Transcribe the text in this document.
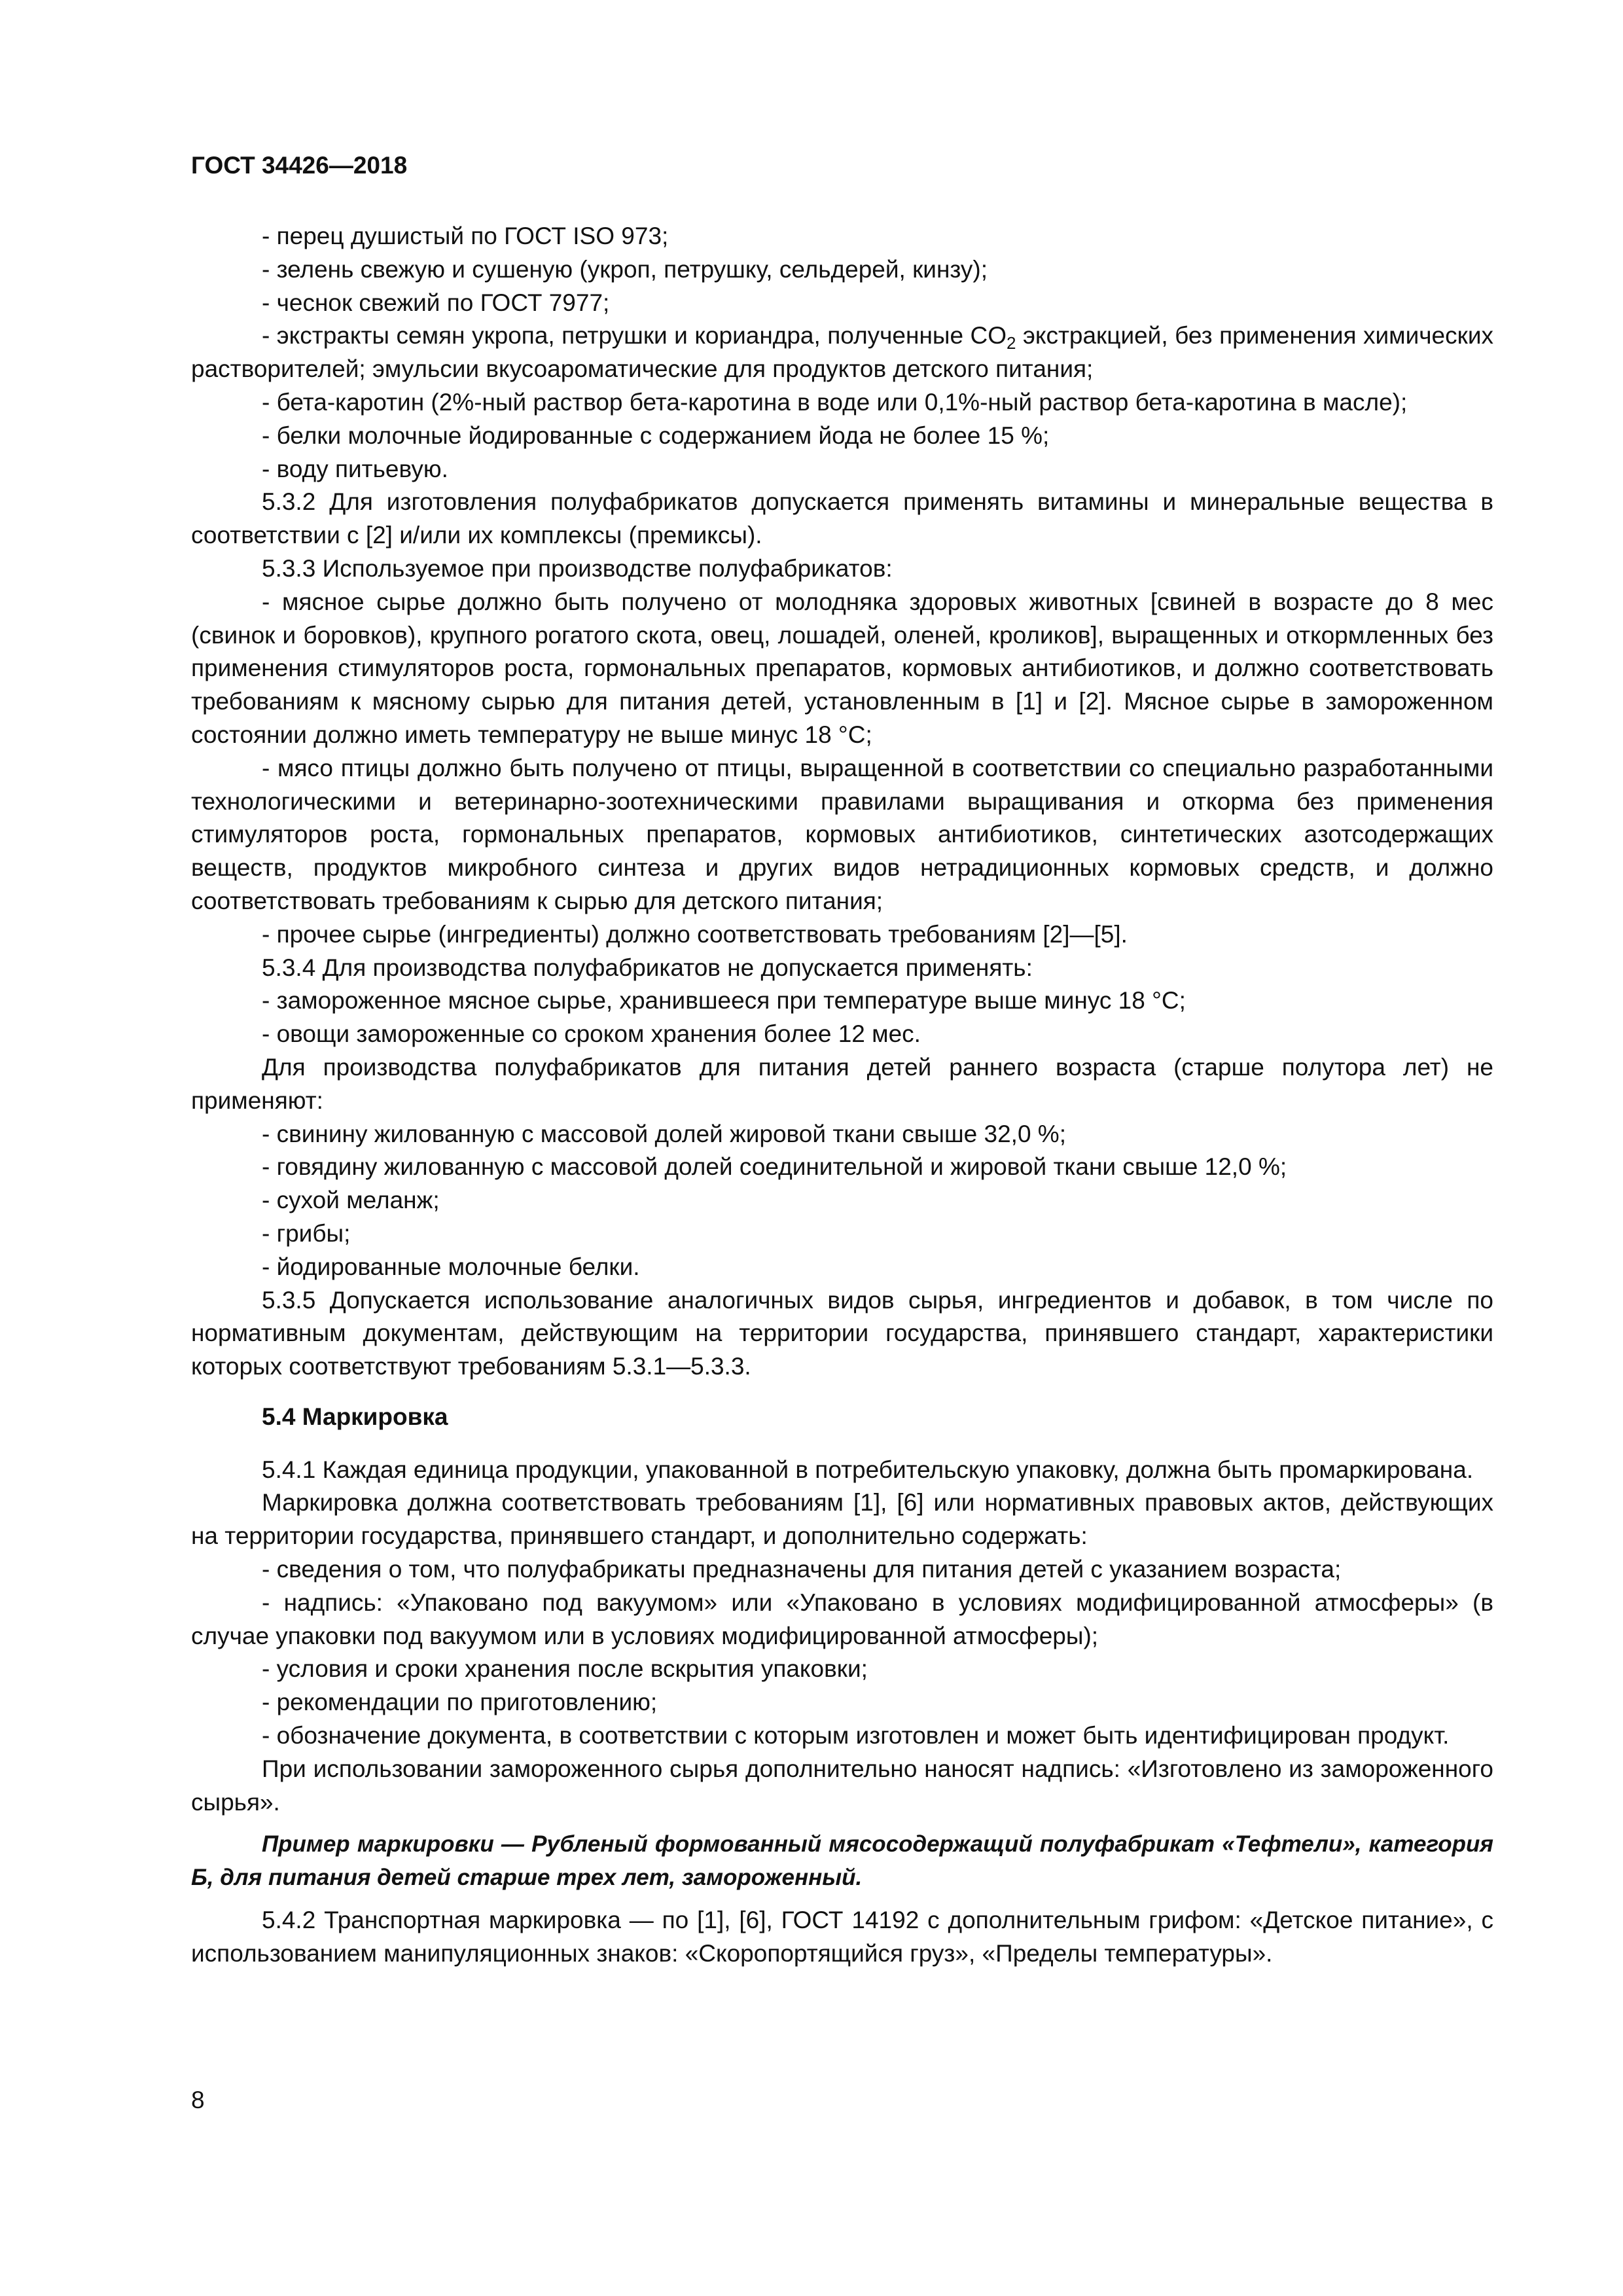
ГОСТ 34426—2018

- перец душистый по ГОСТ ISO 973;

- зелень свежую и сушеную (укроп, петрушку, сельдерей, кинзу);

- чеснок свежий по ГОСТ 7977;

- экстракты семян укропа, петрушки и кориандра, полученные $CO_2$ экстракцией, без применения химических растворителей; эмульсии вкусоароматические для продуктов детского питания;

- бета-каротин (2%-ный раствор бета-каротина в воде или 0,1%-ный раствор бета-каротина в масле);

- белки молочные йодированные с содержанием йода не более 15 %;

- воду питьевую.

5.3.2 Для изготовления полуфабрикатов допускается применять витамины и минеральные вещества в соответствии с [2] и/или их комплексы (премиксы).

5.3.3 Используемое при производстве полуфабрикатов:

- мясное сырье должно быть получено от молодняка здоровых животных [свиней в возрасте до 8 мес (свинок и боровков), крупного рогатого скота, овец, лошадей, оленей, кроликов], выращенных и откормленных без применения стимуляторов роста, гормональных препаратов, кормовых антибиотиков, и должно соответствовать требованиям к мясному сырью для питания детей, установленным в [1] и [2]. Мясное сырье в замороженном состоянии должно иметь температуру не выше минус 18 °С;

- мясо птицы должно быть получено от птицы, выращенной в соответствии со специально разработанными технологическими и ветеринарно-зоотехническими правилами выращивания и откорма без применения стимуляторов роста, гормональных препаратов, кормовых антибиотиков, синтетических азотсодержащих веществ, продуктов микробного синтеза и других видов нетрадиционных кормовых средств, и должно соответствовать требованиям к сырью для детского питания;

- прочее сырье (ингредиенты) должно соответствовать требованиям [2]—[5].

5.3.4 Для производства полуфабрикатов не допускается применять:

- замороженное мясное сырье, хранившееся при температуре выше минус 18 °С;

- овощи замороженные со сроком хранения более 12 мес.

Для производства полуфабрикатов для питания детей раннего возраста (старше полутора лет) не применяют:

- свинину жилованную с массовой долей жировой ткани свыше 32,0 %;

- говядину жилованную с массовой долей соединительной и жировой ткани свыше 12,0 %;

- сухой меланж;

- грибы;

- йодированные молочные белки.

5.3.5 Допускается использование аналогичных видов сырья, ингредиентов и добавок, в том числе по нормативным документам, действующим на территории государства, принявшего стандарт, характеристики которых соответствуют требованиям 5.3.1—5.3.3.

5.4 Маркировка

5.4.1 Каждая единица продукции, упакованной в потребительскую упаковку, должна быть промаркирована.

Маркировка должна соответствовать требованиям [1], [6] или нормативных правовых актов, действующих на территории государства, принявшего стандарт, и дополнительно содержать:

- сведения о том, что полуфабрикаты предназначены для питания детей с указанием возраста;

- надпись: «Упаковано под вакуумом» или «Упаковано в условиях модифицированной атмосферы» (в случае упаковки под вакуумом или в условиях модифицированной атмосферы);

- условия и сроки хранения после вскрытия упаковки;

- рекомендации по приготовлению;

- обозначение документа, в соответствии с которым изготовлен и может быть идентифицирован продукт.

При использовании замороженного сырья дополнительно наносят надпись: «Изготовлено из замороженного сырья».

Пример маркировки — Рубленый формованный мясосодержащий полуфабрикат «Тефтели», категория Б, для питания детей старше трех лет, замороженный.

5.4.2 Транспортная маркировка — по [1], [6], ГОСТ 14192 с дополнительным грифом: «Детское питание», с использованием манипуляционных знаков: «Скоропортящийся груз», «Пределы температуры».

8
